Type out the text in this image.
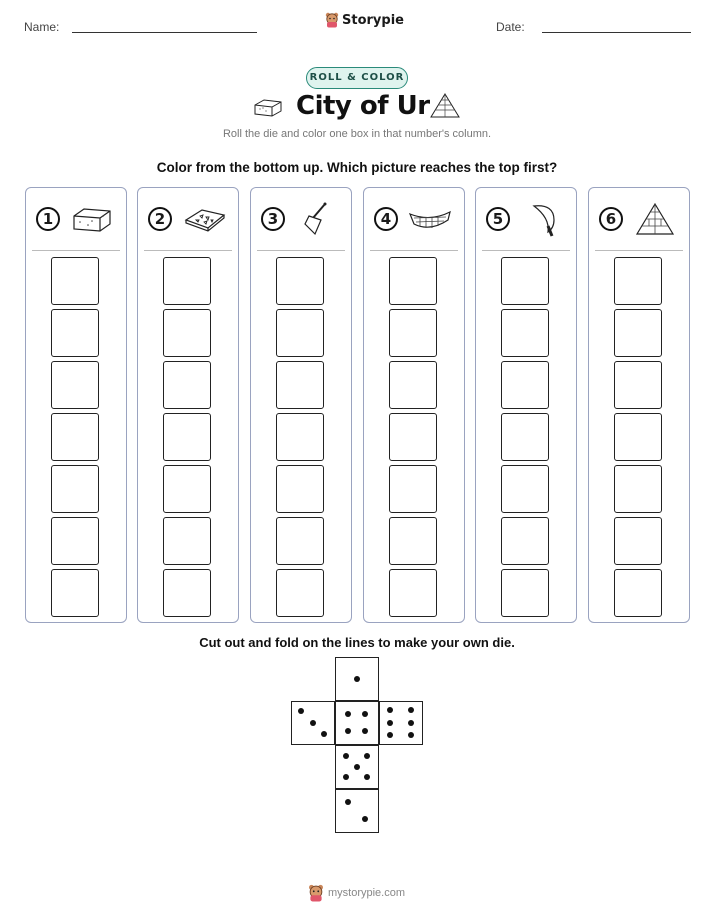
Name:	Storypie	Date:
ROLL & COLOR
City of Ur
Roll the die and color one box in that number's column.
Color from the bottom up. Which picture reaches the top first?
1	2	3	4	5	6
Cut out and fold on the lines to make your own die.
mystorypie.com
